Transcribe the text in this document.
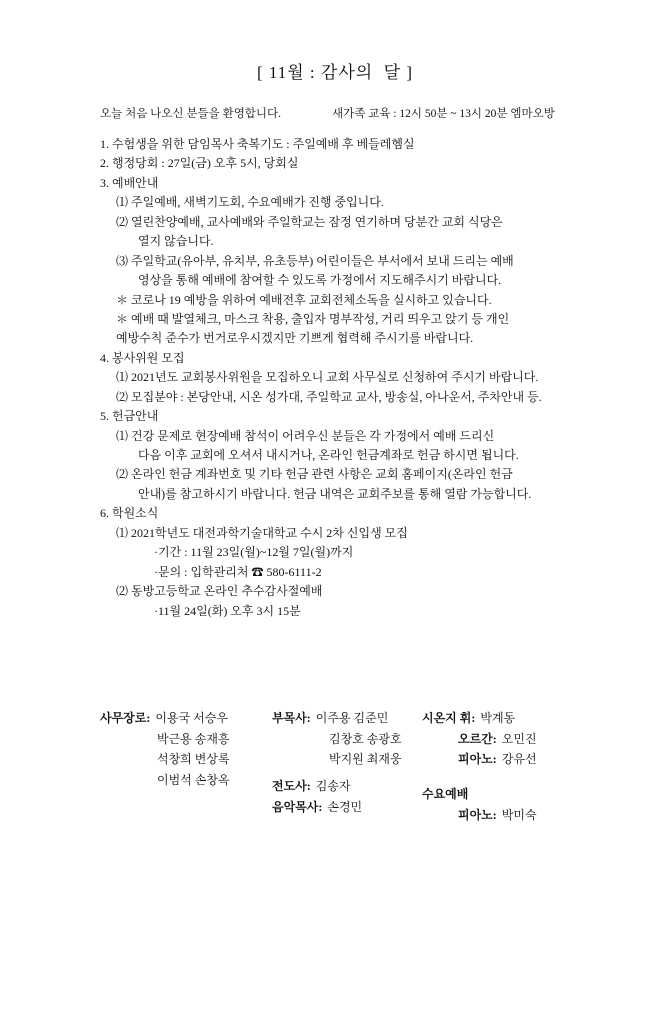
[ 11월 : 감사의  달 ]
오늘 처음 나오신 분들을 환영합니다.	새가족 교육 : 12시 50분 ~ 13시 20분 엠마오방
1. 수험생을 위한 담임목사 축복기도 : 주일예배 후 베들레헴실
2. 행정당회 : 27일(금) 오후 5시, 당회실
3. 예배안내
⑴ 주일예배, 새벽기도회, 수요예배가 진행 중입니다.
⑵ 열린찬양예배, 교사예배와 주일학교는 잠정 연기하며 당분간 교회 식당은
열지 않습니다.
⑶ 주일학교(유아부, 유치부, 유초등부) 어린이들은 부서에서 보내 드리는 예배
영상을 통해 예배에 참여할 수 있도록 가정에서 지도해주시기 바랍니다.
＊ 코로나 19 예방을 위하여 예배전후 교회전체소독을 실시하고 있습니다.
＊ 예배 때 발열체크, 마스크 착용, 출입자 명부작성, 거리 띄우고 앉기 등 개인
예방수칙 준수가 번거로우시겠지만 기쁘게 협력해 주시기를 바랍니다.
4. 봉사위원 모집
⑴ 2021년도 교회봉사위원을 모집하오니 교회 사무실로 신청하여 주시기 바랍니다.
⑵ 모집분야 : 본당안내, 시온 성가대, 주일학교 교사, 방송실, 아나운서, 주차안내 등.
5. 헌금안내
⑴ 건강 문제로 현장예배 참석이 어려우신 분들은 각 가정에서 예배 드리신
다음 이후 교회에 오셔서 내시거나, 온라인 헌금계좌로 헌금 하시면 됩니다.
⑵ 온라인 헌금 계좌번호 및 기타 헌금 관련 사항은 교회 홈페이지(온라인 헌금
안내)를 참고하시기 바랍니다. 헌금 내역은 교회주보를 통해 열람 가능합니다.
6. 학원소식
⑴ 2021학년도 대전과학기술대학교 수시 2차 신입생 모집
·기간 : 11월 23일(월)~12월 7일(월)까지
·문의 : 입학관리처 ☎ 580-6111-2
⑵ 동방고등학교 온라인 추수감사절예배
·11월 24일(화) 오후 3시 15분
사무장로: 이용국 서승우
박근용 송재흥
석창희 변상록
이범석 손창옥
부목사: 이주용 김준민
김창호 송광호
박지원 최재웅
전도사: 김송자
음악목사: 손경민
시온지 휘: 박계동
오르간: 오민진
피아노: 강유선
수요예배
피아노: 박미숙
